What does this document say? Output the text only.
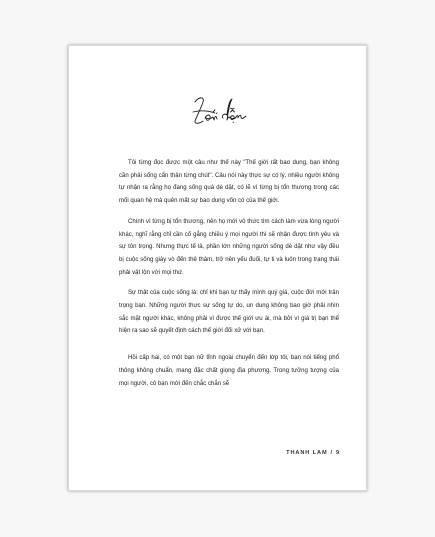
Tôi từng đọc được một câu như thế này "Thế giới rất bao dung, bạn không cần phải sống cẩn thận từng chút". Câu nói này thực sự có lý, nhiều người không tự nhận ra rằng họ đang sống quá dè dặt, có lẽ vì từng bị tổn thương trong các mối quan hệ mà quên mất sự bao dung vốn có của thế giới.

Chính vì từng bị tổn thương, nên họ mới vô thức tìm cách làm vừa lòng người khác, nghĩ rằng chỉ cần cố gắng chiều ý mọi người thì sẽ nhận được tình yêu và sự tôn trọng. Nhưng thực tế là, phần lớn những người sống dè dặt như vậy đều bị cuộc sống giày vò đến thê thảm, trở nên yếu đuối, tự ti và luôn trong trạng thái phải vật lộn với mọi thứ.

Sự thật của cuộc sống là: chỉ khi bạn tự thấy mình quý giá, cuộc đời mới trân trọng bạn. Những người thực sự sống tự do, un dung không bao giờ phải nhìn sắc mặt người khác, không phải vì được thế giới ưu ái, mà bởi vì giá trị bạn thể hiện ra sao sẽ quyết định cách thế giới đối xử với bạn.

Hồi cấp hai, có một bạn nữ tỉnh ngoài chuyển đến lớp tôi, bạn nói tiếng phổ thông không chuẩn, mang đặc chất giọng địa phương. Trong tưởng tượng của mọi người, cô bạn mới đến chắc chắn sẽ

THANH LAM / 9
